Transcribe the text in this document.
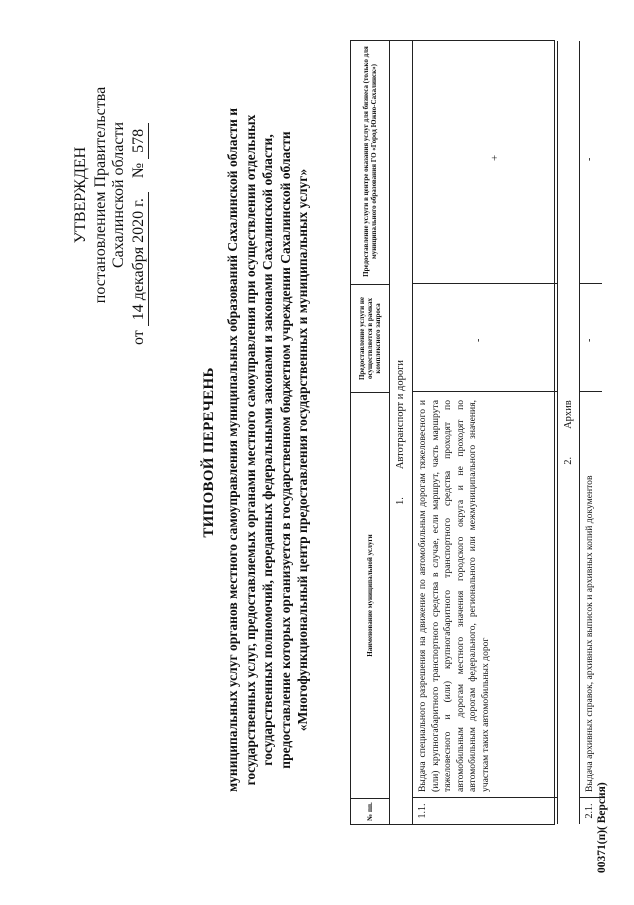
УТВЕРЖДЕН постановлением Правительства Сахалинской области
от 14 декабря 2020 г. № 578
ТИПОВОЙ ПЕРЕЧЕНЬ муниципальных услуг органов местного самоуправления муниципальных образований Сахалинской области и государственных услуг, предоставляемых органами местного самоуправления при осуществлении отдельных государственных полномочий, переданных федеральными законами и законами Сахалинской области, предоставление которых организуется в государственном бюджетном учреждении Сахалинской области «Многофункциональный центр предоставления государственных и муниципальных услуг»
№ пп.
Наименование муниципальной услуги
Предоставление услуги не осуществляется в рамках комплексного запроса
Предоставление услуги в центре оказания услуг для бизнеса (только для муниципального образования ГО «Город Южно-Сахалинск»)
1.
Автотранспорт и дороги
1.1.
Выдача специального разрешения на движение по автомобильным дорогам тяжеловесного и (или) крупногабаритного транспортного средства в случае, если маршрут, часть маршрута тяжеловесного и (или) крупногабаритного транспортного средства проходят по автомобильным дорогам местного значения городского округа и не проходят по автомобильным дорогам федерального, регионального или межмуниципального значения, участкам таких автомобильных дорог
-
+
2.
Архив
2.1.
Выдача архивных справок, архивных выписок и архивных копий документов
-
-
00371(п)( Версия)
